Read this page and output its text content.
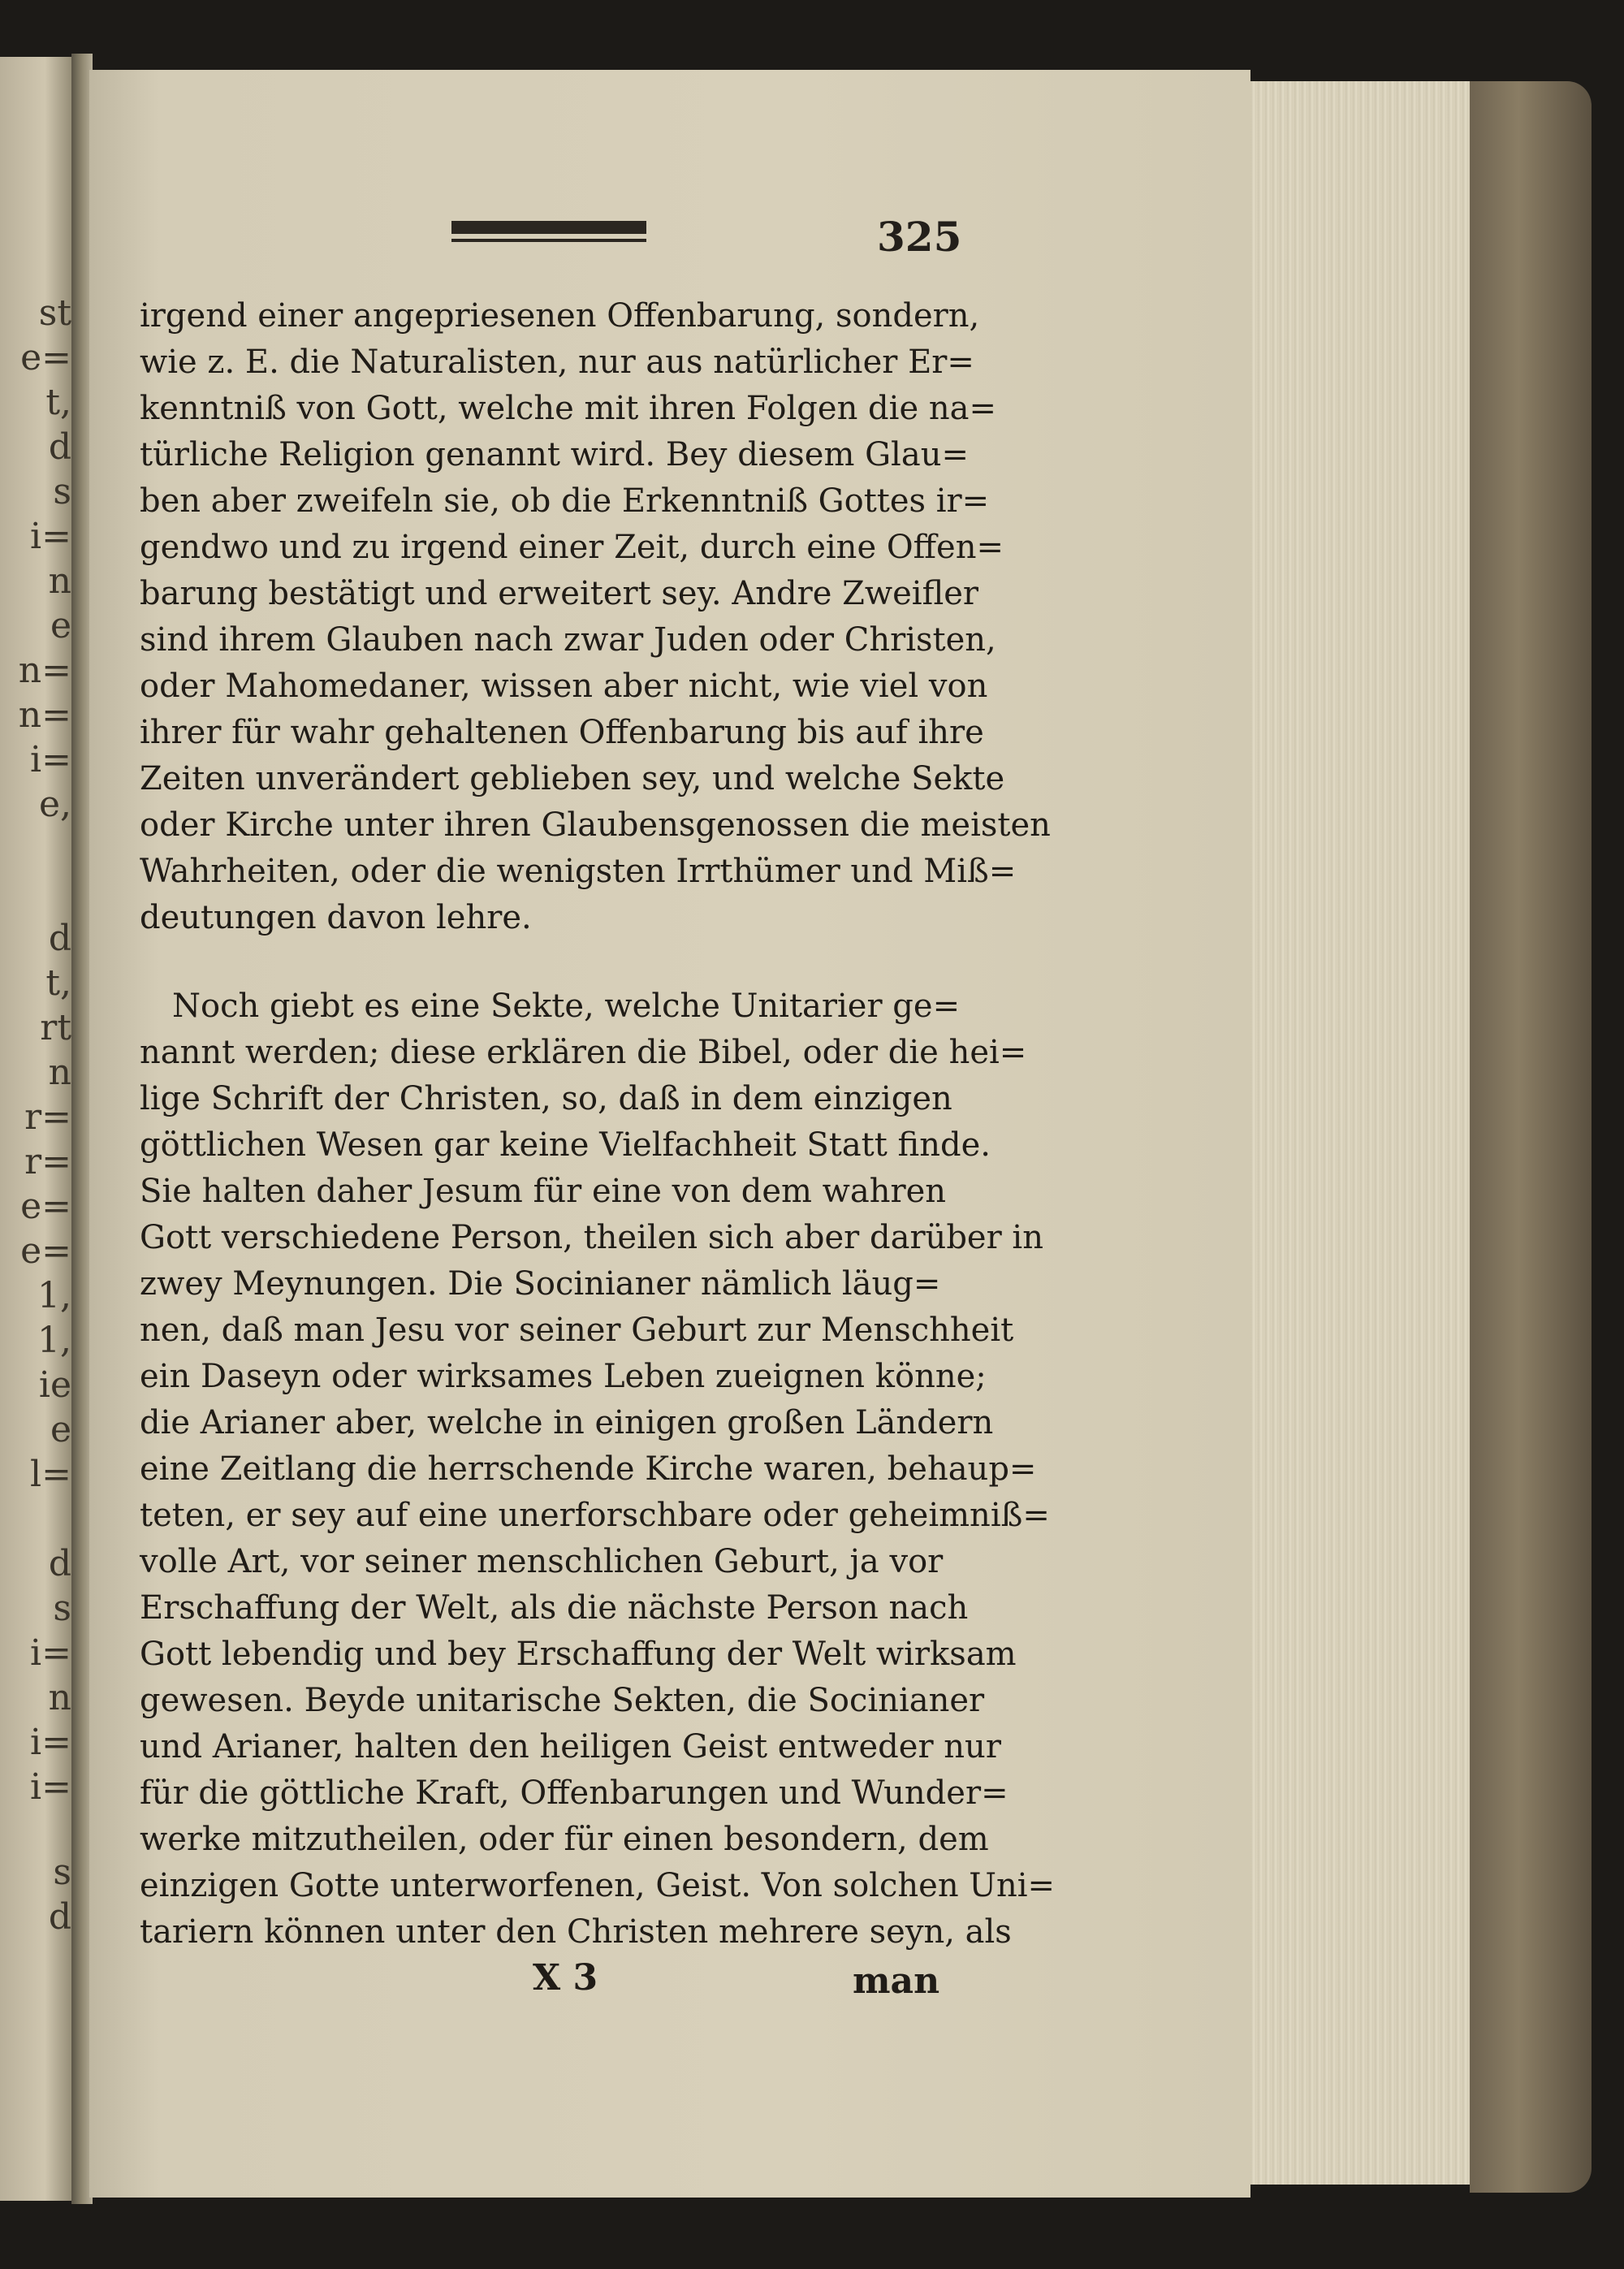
st
e=
t,
d
s
i=
n
e
n=
n=
i=
e,
d
t,
rt
n
r=
r=
e=
e=
1,
1,
ie
e
l=
d
s
i=
n
i=
i=
s
d
325
irgend einer angepriesenen Offenbarung, sondern,
wie z. E. die Naturalisten, nur aus natürlicher Er=
kenntniß von Gott, welche mit ihren Folgen die na=
türliche Religion genannt wird. Bey diesem Glau=
ben aber zweifeln sie, ob die Erkenntniß Gottes ir=
gendwo und zu irgend einer Zeit, durch eine Offen=
barung bestätigt und erweitert sey. Andre Zweifler
sind ihrem Glauben nach zwar Juden oder Christen,
oder Mahomedaner, wissen aber nicht, wie viel von
ihrer für wahr gehaltenen Offenbarung bis auf ihre
Zeiten unverändert geblieben sey, und welche Sekte
oder Kirche unter ihren Glaubensgenossen die meisten
Wahrheiten, oder die wenigsten Irrthümer und Miß=
deutungen davon lehre.
Noch giebt es eine Sekte, welche Unitarier ge=
nannt werden; diese erklären die Bibel, oder die hei=
lige Schrift der Christen, so, daß in dem einzigen
göttlichen Wesen gar keine Vielfachheit Statt finde.
Sie halten daher Jesum für eine von dem wahren
Gott verschiedene Person, theilen sich aber darüber in
zwey Meynungen. Die Socinianer nämlich läug=
nen, daß man Jesu vor seiner Geburt zur Menschheit
ein Daseyn oder wirksames Leben zueignen könne;
die Arianer aber, welche in einigen großen Ländern
eine Zeitlang die herrschende Kirche waren, behaup=
teten, er sey auf eine unerforschbare oder geheimniß=
volle Art, vor seiner menschlichen Geburt, ja vor
Erschaffung der Welt, als die nächste Person nach
Gott lebendig und bey Erschaffung der Welt wirksam
gewesen. Beyde unitarische Sekten, die Socinianer
und Arianer, halten den heiligen Geist entweder nur
für die göttliche Kraft, Offenbarungen und Wunder=
werke mitzutheilen, oder für einen besondern, dem
einzigen Gotte unterworfenen, Geist. Von solchen Uni=
tariern können unter den Christen mehrere seyn, als
X 3	man
